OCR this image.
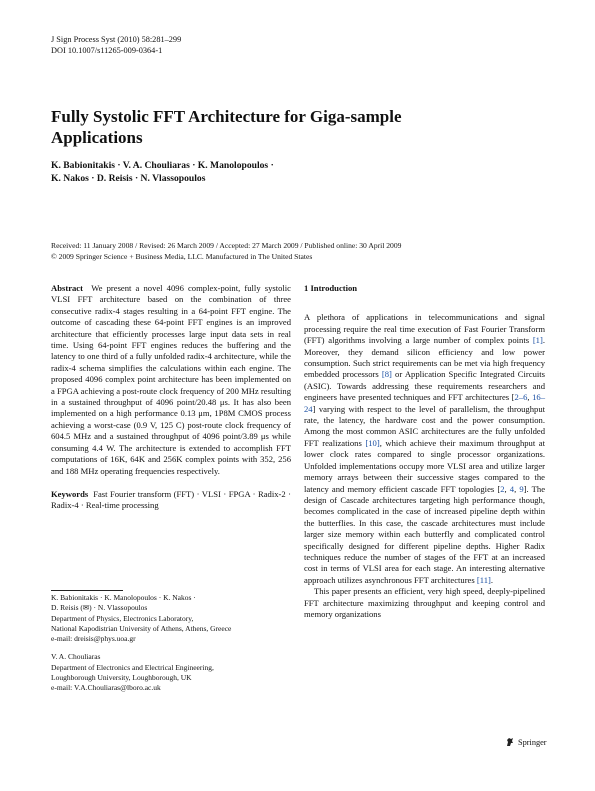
J Sign Process Syst (2010) 58:281–299
DOI 10.1007/s11265-009-0364-1
Fully Systolic FFT Architecture for Giga-sample Applications
K. Babionitakis · V. A. Chouliaras · K. Manolopoulos ·
K. Nakos · D. Reisis · N. Vlassopoulos
Received: 11 January 2008 / Revised: 26 March 2009 / Accepted: 27 March 2009 / Published online: 30 April 2009
© 2009 Springer Science + Business Media, LLC. Manufactured in The United States

Abstract We present a novel 4096 complex-point, fully systolic VLSI FFT architecture based on the combination of three consecutive radix-4 stages resulting in a 64-point FFT engine. The outcome of cascading these 64-point FFT engines is an improved architecture that efficiently processes large input data sets in real time. Using 64-point FFT engines reduces the buffering and the latency to one third of a fully unfolded radix-4 architecture, while the radix-4 schema simplifies the calculations within each engine. The proposed 4096 complex point architecture has been implemented on a FPGA achieving a post-route clock frequency of 200 MHz resulting in a sustained throughput of 4096 point/20.48 μs. It has also been implemented on a high performance 0.13 μm, 1P8M CMOS process achieving a worst-case (0.9 V, 125 C) post-route clock frequency of 604.5 MHz and a sustained throughput of 4096 point/3.89 μs while consuming 4.4 W. The architecture is extended to accomplish FFT computations of 16K, 64K and 256K complex points with 352, 256 and 188 MHz operating frequencies respectively.

Keywords Fast Fourier transform (FFT) · VLSI · FPGA · Radix-2 · Radix-4 · Real-time processing

K. Babionitakis · K. Manolopoulos · K. Nakos ·
D. Reisis (✉) · N. Vlassopoulos
Department of Physics, Electronics Laboratory,
National Kapodistrian University of Athens, Athens, Greece
e-mail: dreisis@phys.uoa.gr
V. A. Chouliaras
Department of Electronics and Electrical Engineering,
Loughborough University, Loughborough, UK
e-mail: V.A.Chouliaras@lboro.ac.uk

1 Introduction

A plethora of applications in telecommunications and signal processing require the real time execution of Fast Fourier Transform (FFT) algorithms involving a large number of complex points [1]. Moreover, they demand silicon efficiency and low power consumption. Such strict requirements can be met via high frequency embedded processors [8] or Application Specific Integrated Circuits (ASIC). Towards addressing these requirements researchers and engineers have presented techniques and FFT architectures [2–6, 16–24] varying with respect to the level of parallelism, the throughput rate, the latency, the hardware cost and the power consumption. Among the most common ASIC architectures are the fully unfolded FFT realizations [10], which achieve their maximum throughput at lower clock rates compared to single processor organizations. Unfolded implementations occupy more VLSI area and utilize larger memory arrays between their successive stages compared to the latency and memory efficient cascade FFT topologies [2, 4, 9]. The design of Cascade architectures targeting high performance though, becomes complicated in the case of increased pipeline depth within the butterflies. In this case, the cascade architectures must include larger size memory within each butterfly and complicated control specifically designed for different pipeline depths. Higher Radix techniques reduce the number of stages of the FFT at an increased cost in terms of VLSI area for each stage. An interesting alternative approach utilizes asynchronous FFT architectures [11].

This paper presents an efficient, very high speed, deeply-pipelined FFT architecture maximizing throughput and keeping control and memory organizations

Springer
